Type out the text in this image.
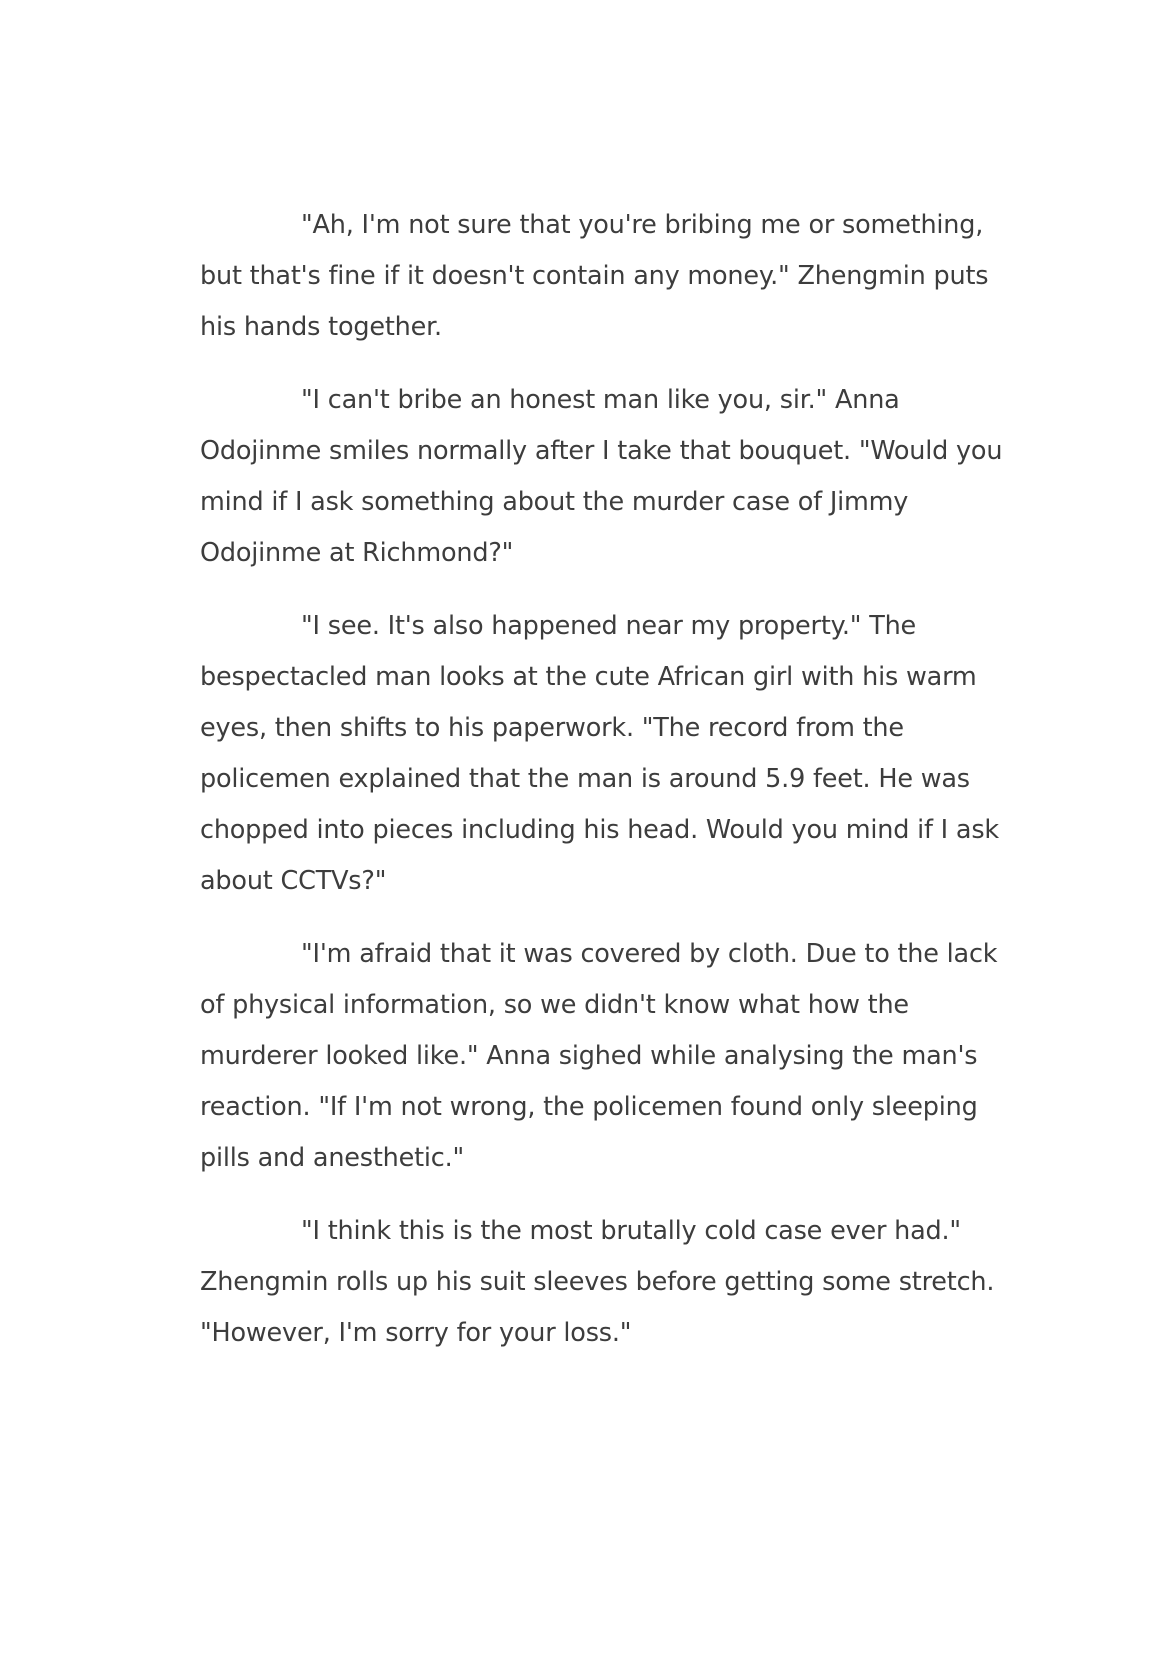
"Ah, I'm not sure that you're bribing me or something,
but that's fine if it doesn't contain any money." Zhengmin puts
his hands together.

"I can't bribe an honest man like you, sir." Anna
Odojinme smiles normally after I take that bouquet. "Would you
mind if I ask something about the murder case of Jimmy
Odojinme at Richmond?"

"I see. It's also happened near my property." The
bespectacled man looks at the cute African girl with his warm
eyes, then shifts to his paperwork. "The record from the
policemen explained that the man is around 5.9 feet. He was
chopped into pieces including his head. Would you mind if I ask
about CCTVs?"

"I'm afraid that it was covered by cloth. Due to the lack
of physical information, so we didn't know what how the
murderer looked like." Anna sighed while analysing the man's
reaction. "If I'm not wrong, the policemen found only sleeping
pills and anesthetic."

"I think this is the most brutally cold case ever had."
Zhengmin rolls up his suit sleeves before getting some stretch.
"However, I'm sorry for your loss."
